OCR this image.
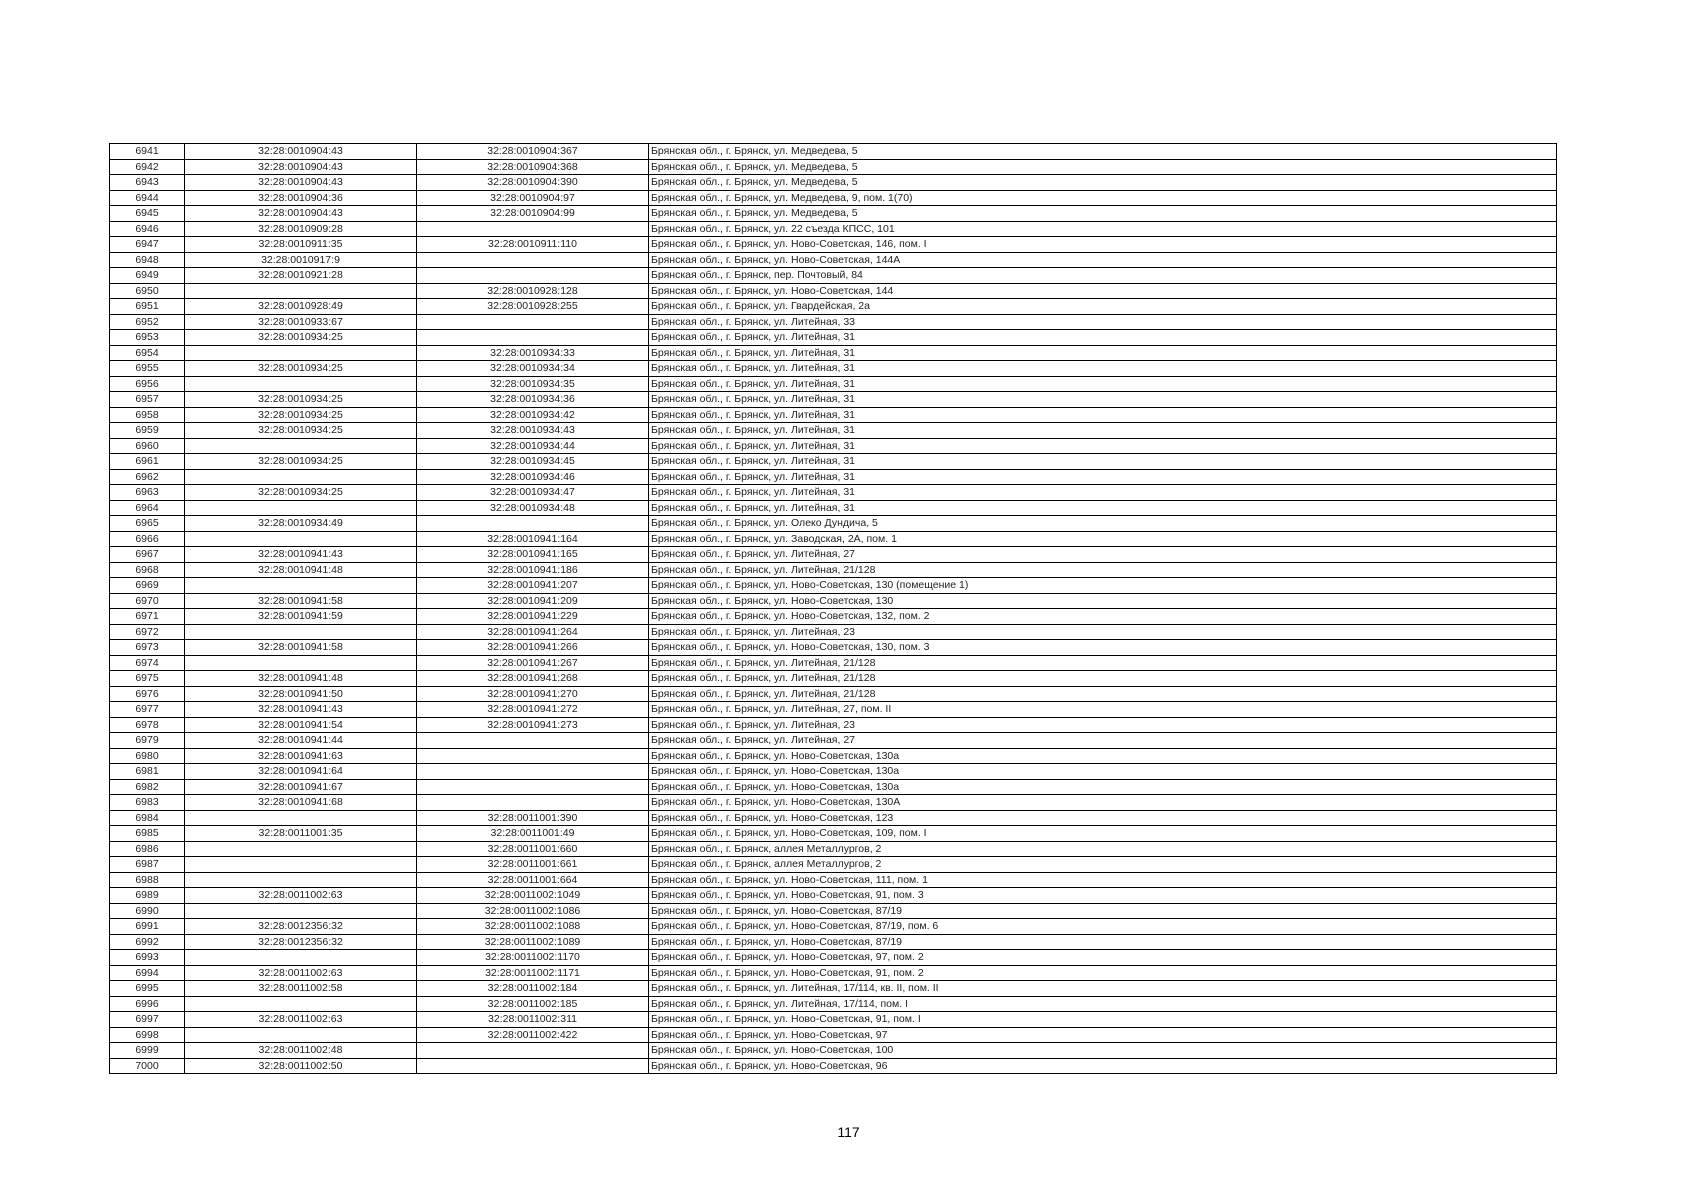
6941	32:28:0010904:43	32:28:0010904:367	Брянская обл., г. Брянск, ул. Медведева, 5
6942	32:28:0010904:43	32:28:0010904:368	Брянская обл., г. Брянск, ул. Медведева, 5
6943	32:28:0010904:43	32:28:0010904:390	Брянская обл., г. Брянск, ул. Медведева, 5
6944	32:28:0010904:36	32:28:0010904:97	Брянская обл., г. Брянск, ул. Медведева, 9, пом. 1(70)
6945	32:28:0010904:43	32:28:0010904:99	Брянская обл., г. Брянск, ул. Медведева, 5
6946	32:28:0010909:28		Брянская обл., г. Брянск, ул. 22 съезда КПСС, 101
6947	32:28:0010911:35	32:28:0010911:110	Брянская обл., г. Брянск, ул. Ново-Советская, 146, пом. I
6948	32:28:0010917:9		Брянская обл., г. Брянск, ул. Ново-Советская, 144А
6949	32:28:0010921:28		Брянская обл., г. Брянск, пер. Почтовый, 84
6950		32:28:0010928:128	Брянская обл., г. Брянск, ул. Ново-Советская, 144
6951	32:28:0010928:49	32:28:0010928:255	Брянская обл., г. Брянск, ул. Гвардейская, 2а
6952	32:28:0010933:67		Брянская обл., г. Брянск, ул. Литейная, 33
6953	32:28:0010934:25		Брянская обл., г. Брянск, ул. Литейная, 31
6954		32:28:0010934:33	Брянская обл., г. Брянск, ул. Литейная, 31
6955	32:28:0010934:25	32:28:0010934:34	Брянская обл., г. Брянск, ул. Литейная, 31
6956		32:28:0010934:35	Брянская обл., г. Брянск, ул. Литейная, 31
6957	32:28:0010934:25	32:28:0010934:36	Брянская обл., г. Брянск, ул. Литейная, 31
6958	32:28:0010934:25	32:28:0010934:42	Брянская обл., г. Брянск, ул. Литейная, 31
6959	32:28:0010934:25	32:28:0010934:43	Брянская обл., г. Брянск, ул. Литейная, 31
6960		32:28:0010934:44	Брянская обл., г. Брянск, ул. Литейная, 31
6961	32:28:0010934:25	32:28:0010934:45	Брянская обл., г. Брянск, ул. Литейная, 31
6962		32:28:0010934:46	Брянская обл., г. Брянск, ул. Литейная, 31
6963	32:28:0010934:25	32:28:0010934:47	Брянская обл., г. Брянск, ул. Литейная, 31
6964		32:28:0010934:48	Брянская обл., г. Брянск, ул. Литейная, 31
6965	32:28:0010934:49		Брянская обл., г. Брянск, ул. Олеко Дундича, 5
6966		32:28:0010941:164	Брянская обл., г. Брянск, ул. Заводская, 2А, пом. 1
6967	32:28:0010941:43	32:28:0010941:165	Брянская обл., г. Брянск, ул. Литейная, 27
6968	32:28:0010941:48	32:28:0010941:186	Брянская обл., г. Брянск, ул. Литейная, 21/128
6969		32:28:0010941:207	Брянская обл., г. Брянск, ул. Ново-Советская, 130 (помещение 1)
6970	32:28:0010941:58	32:28:0010941:209	Брянская обл., г. Брянск, ул. Ново-Советская, 130
6971	32:28:0010941:59	32:28:0010941:229	Брянская обл., г. Брянск, ул. Ново-Советская, 132, пом. 2
6972		32:28:0010941:264	Брянская обл., г. Брянск, ул. Литейная, 23
6973	32:28:0010941:58	32:28:0010941:266	Брянская обл., г. Брянск, ул. Ново-Советская, 130, пом. 3
6974		32:28:0010941:267	Брянская обл., г. Брянск, ул. Литейная, 21/128
6975	32:28:0010941:48	32:28:0010941:268	Брянская обл., г. Брянск, ул. Литейная, 21/128
6976	32:28:0010941:50	32:28:0010941:270	Брянская обл., г. Брянск, ул. Литейная, 21/128
6977	32:28:0010941:43	32:28:0010941:272	Брянская обл., г. Брянск, ул. Литейная, 27, пом. II
6978	32:28:0010941:54	32:28:0010941:273	Брянская обл., г. Брянск, ул. Литейная, 23
6979	32:28:0010941:44		Брянская обл., г. Брянск, ул. Литейная, 27
6980	32:28:0010941:63		Брянская обл., г. Брянск, ул. Ново-Советская, 130а
6981	32:28:0010941:64		Брянская обл., г. Брянск, ул. Ново-Советская, 130а
6982	32:28:0010941:67		Брянская обл., г. Брянск, ул. Ново-Советская, 130а
6983	32:28:0010941:68		Брянская обл., г. Брянск, ул. Ново-Советская, 130А
6984		32:28:0011001:390	Брянская обл., г. Брянск, ул. Ново-Советская, 123
6985	32:28:0011001:35	32:28:0011001:49	Брянская обл., г. Брянск, ул. Ново-Советская, 109, пом. I
6986		32:28:0011001:660	Брянская обл., г. Брянск, аллея Металлургов, 2
6987		32:28:0011001:661	Брянская обл., г. Брянск, аллея Металлургов, 2
6988		32:28:0011001:664	Брянская обл., г. Брянск, ул. Ново-Советская, 111, пом. 1
6989	32:28:0011002:63	32:28:0011002:1049	Брянская обл., г. Брянск, ул. Ново-Советская, 91, пом. 3
6990		32:28:0011002:1086	Брянская обл., г. Брянск, ул. Ново-Советская, 87/19
6991	32:28:0012356:32	32:28:0011002:1088	Брянская обл., г. Брянск, ул. Ново-Советская, 87/19, пом. 6
6992	32:28:0012356:32	32:28:0011002:1089	Брянская обл., г. Брянск, ул. Ново-Советская, 87/19
6993		32:28:0011002:1170	Брянская обл., г. Брянск, ул. Ново-Советская, 97, пом. 2
6994	32:28:0011002:63	32:28:0011002:1171	Брянская обл., г. Брянск, ул. Ново-Советская, 91, пом. 2
6995	32:28:0011002:58	32:28:0011002:184	Брянская обл., г. Брянск, ул. Литейная, 17/114, кв. II, пом. II
6996		32:28:0011002:185	Брянская обл., г. Брянск, ул. Литейная, 17/114, пом. I
6997	32:28:0011002:63	32:28:0011002:311	Брянская обл., г. Брянск, ул. Ново-Советская, 91, пом. I
6998		32:28:0011002:422	Брянская обл., г. Брянск, ул. Ново-Советская, 97
6999	32:28:0011002:48		Брянская обл., г. Брянск, ул. Ново-Советская, 100
7000	32:28:0011002:50		Брянская обл., г. Брянск, ул. Ново-Советская, 96
117
